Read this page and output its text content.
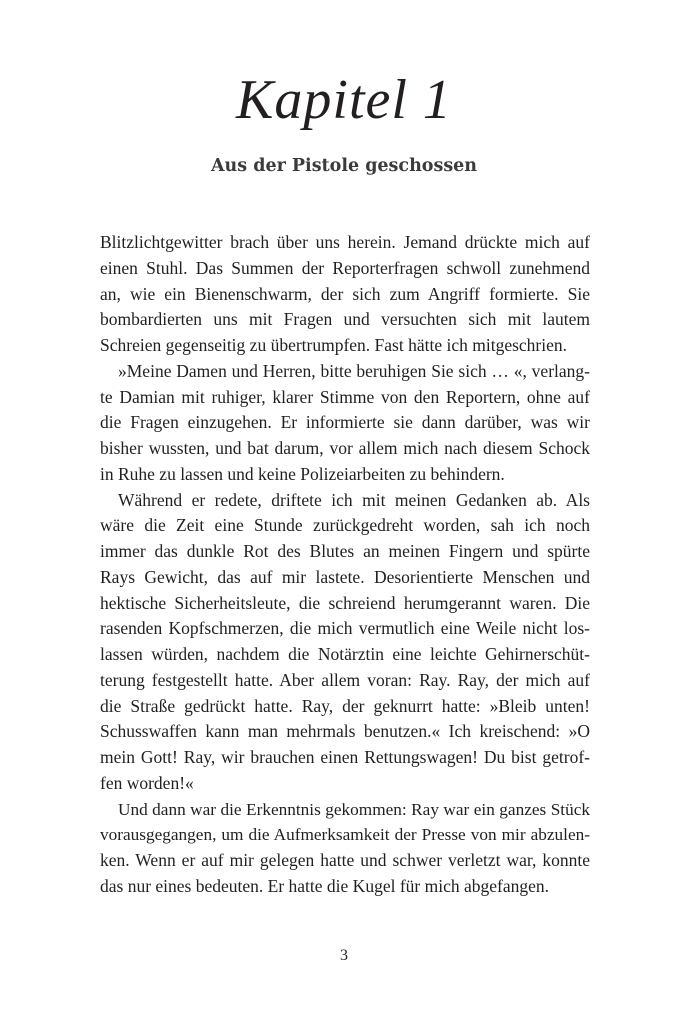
Kapitel 1
Aus der Pistole geschossen
Blitzlichtgewitter brach über uns herein. Jemand drückte mich auf
einen Stuhl. Das Summen der Reporterfragen schwoll zunehmend
an, wie ein Bienenschwarm, der sich zum Angriff formierte. Sie
bombardierten uns mit Fragen und versuchten sich mit lautem
Schreien gegenseitig zu übertrumpfen. Fast hätte ich mitgeschrien.
»Meine Damen und Herren, bitte beruhigen Sie sich … «, verlang-
te Damian mit ruhiger, klarer Stimme von den Reportern, ohne auf
die Fragen einzugehen. Er informierte sie dann darüber, was wir
bisher wussten, und bat darum, vor allem mich nach diesem Schock
in Ruhe zu lassen und keine Polizeiarbeiten zu behindern.
Während er redete, driftete ich mit meinen Gedanken ab. Als
wäre die Zeit eine Stunde zurückgedreht worden, sah ich noch
immer das dunkle Rot des Blutes an meinen Fingern und spürte
Rays Gewicht, das auf mir lastete. Desorientierte Menschen und
hektische Sicherheitsleute, die schreiend herumgerannt waren. Die
rasenden Kopfschmerzen, die mich vermutlich eine Weile nicht los-
lassen würden, nachdem die Notärztin eine leichte Gehirnerschüt-
terung festgestellt hatte. Aber allem voran: Ray. Ray, der mich auf
die Straße gedrückt hatte. Ray, der geknurrt hatte: »Bleib unten!
Schusswaffen kann man mehrmals benutzen.« Ich kreischend: »O
mein Gott! Ray, wir brauchen einen Rettungswagen! Du bist getrof-
fen worden!«
Und dann war die Erkenntnis gekommen: Ray war ein ganzes Stück
vorausgegangen, um die Aufmerksamkeit der Presse von mir abzulen-
ken. Wenn er auf mir gelegen hatte und schwer verletzt war, konnte
das nur eines bedeuten. Er hatte die Kugel für mich abgefangen.
3
